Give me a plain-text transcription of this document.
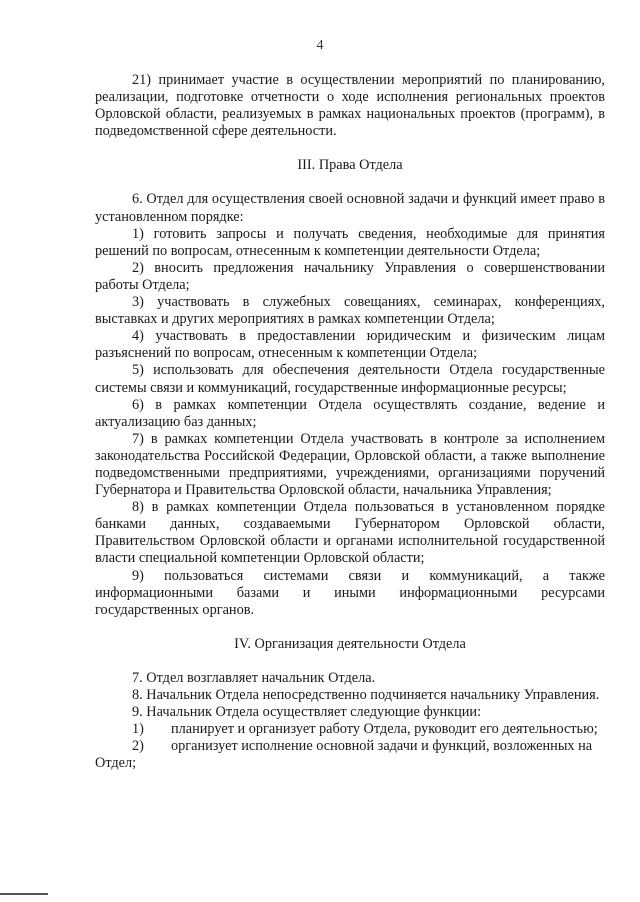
4

21) принимает участие в осуществлении мероприятий по планированию, реализации, подготовке отчетности о ходе исполнения региональных проектов Орловской области, реализуемых в рамках национальных проектов (программ), в подведомственной сфере деятельности.

III. Права Отдела

6. Отдел для осуществления своей основной задачи и функций имеет право в установленном порядке:

1) готовить запросы и получать сведения, необходимые для принятия решений по вопросам, отнесенным к компетенции деятельности Отдела;

2) вносить предложения начальнику Управления о совершенствовании работы Отдела;

3) участвовать в служебных совещаниях, семинарах, конференциях, выставках и других мероприятиях в рамках компетенции Отдела;

4) участвовать в предоставлении юридическим и физическим лицам разъяснений по вопросам, отнесенным к компетенции Отдела;

5) использовать для обеспечения деятельности Отдела государственные системы связи и коммуникаций, государственные информационные ресурсы;

6) в рамках компетенции Отдела осуществлять создание, ведение и актуализацию баз данных;

7) в рамках компетенции Отдела участвовать в контроле за исполнением законодательства Российской Федерации, Орловской области, а также выполнение подведомственными предприятиями, учреждениями, организациями поручений Губернатора и Правительства Орловской области, начальника Управления;

8) в рамках компетенции Отдела пользоваться в установленном порядке банками данных, создаваемыми Губернатором Орловской области, Правительством Орловской области и органами исполнительной государственной власти специальной компетенции Орловской области;

9) пользоваться системами связи и коммуникаций, а также информационными базами и иными информационными ресурсами государственных органов.

IV. Организация деятельности Отдела

7. Отдел возглавляет начальник Отдела.

8. Начальник Отдела непосредственно подчиняется начальнику Управления.

9. Начальник Отдела осуществляет следующие функции:

1)	планирует и организует работу Отдела, руководит его деятельностью;
2)	организует исполнение основной задачи и функций, возложенных на

Отдел;
